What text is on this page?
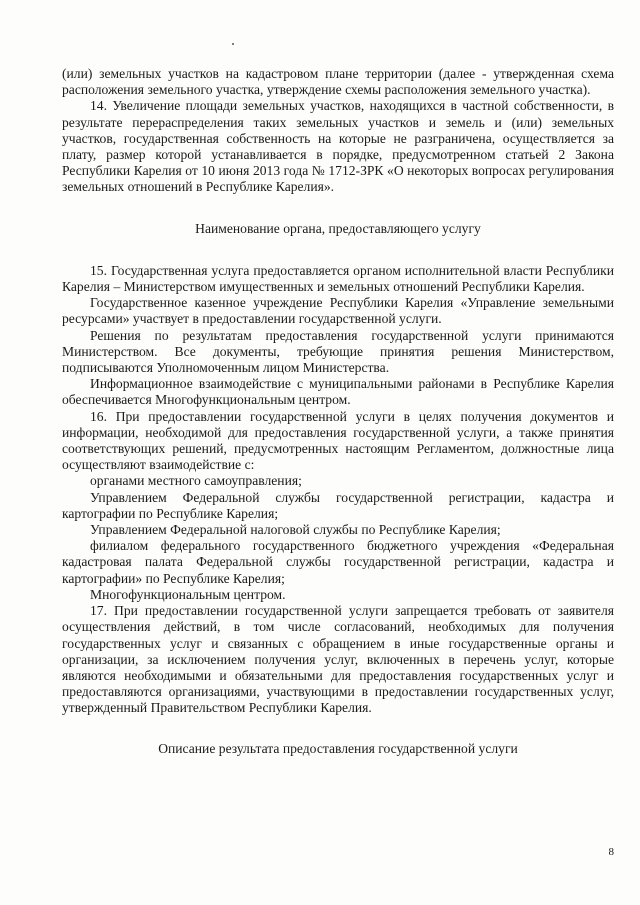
(или) земельных участков на кадастровом плане территории (далее - утвержденная схема расположения земельного участка, утверждение схемы расположения земельного участка).

14. Увеличение площади земельных участков, находящихся в частной собственности, в результате перераспределения таких земельных участков и земель и (или) земельных участков, государственная собственность на которые не разграничена, осуществляется за плату, размер которой устанавливается в порядке, предусмотренном статьей 2 Закона Республики Карелия от 10 июня 2013 года № 1712-ЗРК «О некоторых вопросах регулирования земельных отношений в Республике Карелия».

Наименование органа, предоставляющего услугу

15. Государственная услуга предоставляется органом исполнительной власти Республики Карелия – Министерством имущественных и земельных отношений Республики Карелия.

Государственное казенное учреждение Республики Карелия «Управление земельными ресурсами» участвует в предоставлении государственной услуги.

Решения по результатам предоставления государственной услуги принимаются Министерством. Все документы, требующие принятия решения Министерством, подписываются Уполномоченным лицом Министерства.

Информационное взаимодействие с муниципальными районами в Республике Карелия обеспечивается Многофункциональным центром.

16. При предоставлении государственной услуги в целях получения документов и информации, необходимой для предоставления государственной услуги, а также принятия соответствующих решений, предусмотренных настоящим Регламентом, должностные лица осуществляют взаимодействие с:

органами местного самоуправления;

Управлением Федеральной службы государственной регистрации, кадастра и картографии по Республике Карелия;

Управлением Федеральной налоговой службы по Республике Карелия;

филиалом федерального государственного бюджетного учреждения «Федеральная кадастровая палата Федеральной службы государственной регистрации, кадастра и картографии» по Республике Карелия;

Многофункциональным центром.

17. При предоставлении государственной услуги запрещается требовать от заявителя осуществления действий, в том числе согласований, необходимых для получения государственных услуг и связанных с обращением в иные государственные органы и организации, за исключением получения услуг, включенных в перечень услуг, которые являются необходимыми и обязательными для предоставления государственных услуг и предоставляются организациями, участвующими в предоставлении государственных услуг, утвержденный Правительством Республики Карелия.

Описание результата предоставления государственной услуги

8
